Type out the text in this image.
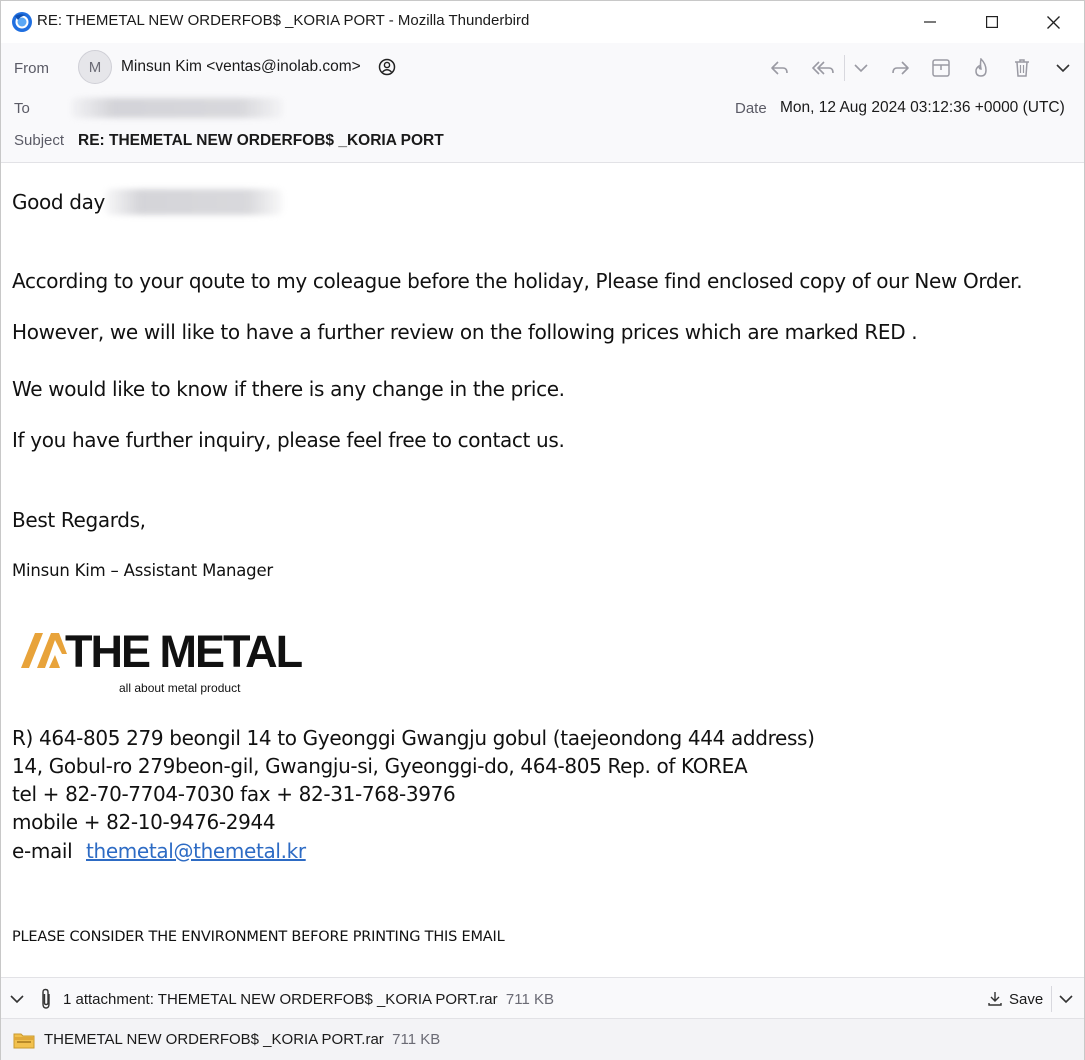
RE: THEMETAL NEW ORDERFOB$ _KORIA PORT - Mozilla Thunderbird
From	M	Minsun Kim <ventas@inolab.com>
To	Date Mon, 12 Aug 2024 03:12:36 +0000 (UTC)
Subject RE: THEMETAL NEW ORDERFOB$ _KORIA PORT
Good day
According to your qoute to my coleague before the holiday, Please find enclosed copy of our New Order.
However, we will like to have a further review on the following prices which are marked RED .
We would like to know if there is any change in the price.
If you have further inquiry, please feel free to contact us.
Best Regards,
Minsun Kim – Assistant Manager
THE METAL
all about metal product
R) 464-805 279 beongil 14 to Gyeonggi Gwangju gobul (taejeondong 444 address)
14, Gobul-ro 279beon-gil, Gwangju-si, Gyeonggi-do, 464-805 Rep. of KOREA
tel + 82-70-7704-7030 fax + 82-31-768-3976
mobile + 82-10-9476-2944
e-mail themetal@themetal.kr
PLEASE CONSIDER THE ENVIRONMENT BEFORE PRINTING THIS EMAIL
1 attachment: THEMETAL NEW ORDERFOB$ _KORIA PORT.rar 711 KB	Save
THEMETAL NEW ORDERFOB$ _KORIA PORT.rar 711 KB
